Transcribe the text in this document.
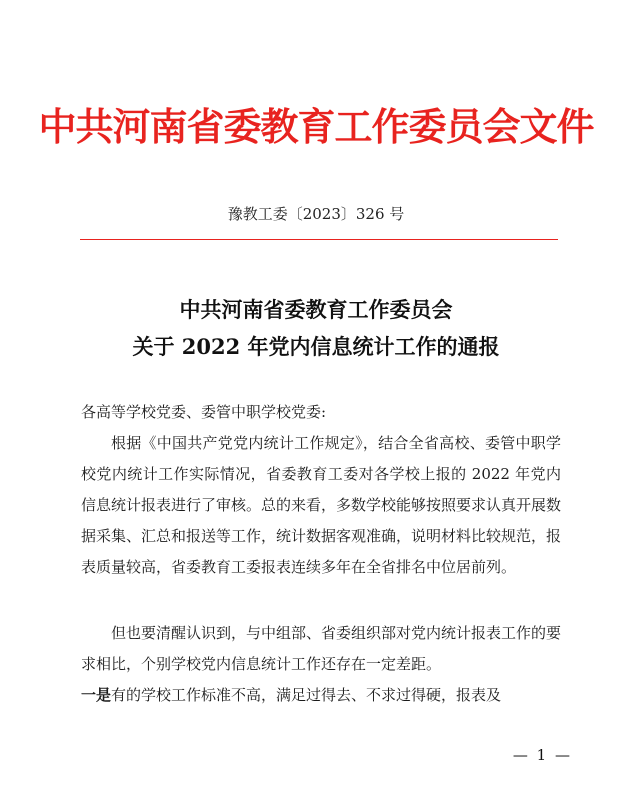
中共河南省委教育工作委员会文件
豫教工委〔2023〕326 号
中共河南省委教育工作委员会
关于 2022 年党内信息统计工作的通报
各高等学校党委、委管中职学校党委:
根据《中国共产党党内统计工作规定》，结合全省高校、委管中职学校党内统计工作实际情况，省委教育工委对各学校上报的 2022 年党内信息统计报表进行了审核。总的来看，多数学校能够按照要求认真开展数据采集、汇总和报送等工作，统计数据客观准确，说明材料比较规范，报表质量较高，省委教育工委报表连续多年在全省排名中位居前列。
但也要清醒认识到，与中组部、省委组织部对党内统计报表工作的要求相比，个别学校党内信息统计工作还存在一定差距。
一是有的学校工作标准不高，满足过得去、不求过得硬，报表及
— 1 —
